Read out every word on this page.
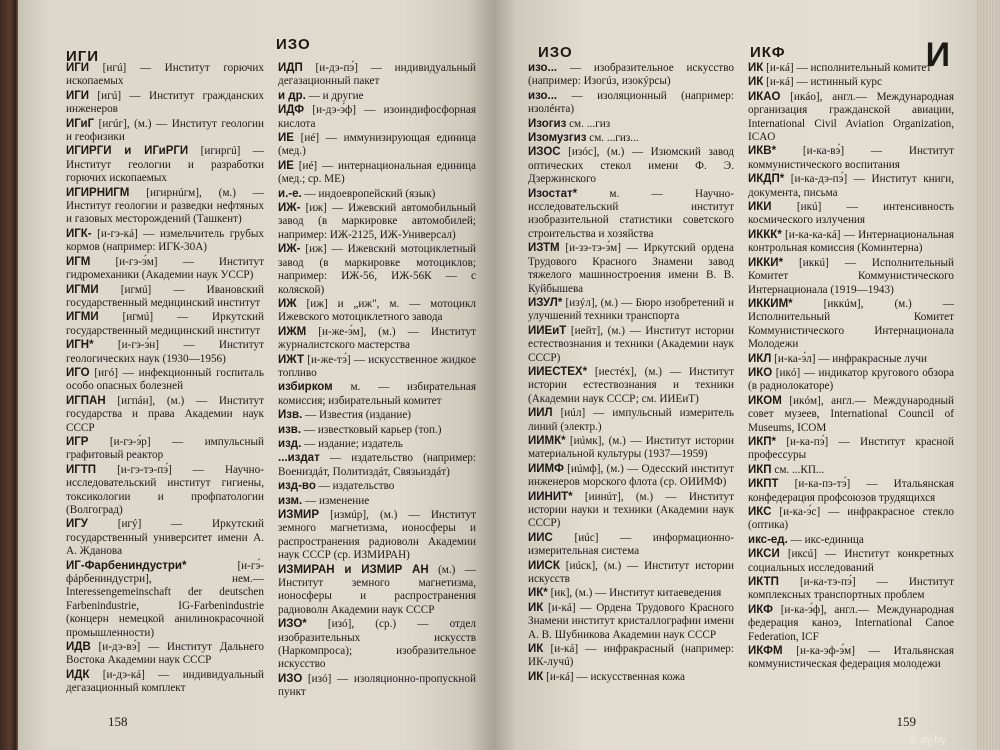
ИГИ
ИЗО
ИГИ [игú] — Институт горючих ископаемых
ИГИ [игú] — Институт гражданских инженеров
ИГиГ [игúг], (м.) — Институт геологии и геофизики
ИГИРГИ и ИГиРГИ [игиргú] — Институт геологии и разработки горючих ископаемых
ИГИРНИГМ [игирнúгм], (м.) — Институт геологии и разведки нефтяных и газовых месторождений (Ташкент)
ИГК- [и-гэ-кá] — измельчитель грубых кормов (например: ИГК-30А)
ИГМ [и-гэ-э́м] — Институт гидромеханики (Академии наук УССР)
ИГМИ [игмú] — Ивановский государственный медицинский институт
ИГМИ [игмú] — Иркутский государственный медицинский институт
ИГН* [и-гэ-э́н] — Институт геологических наук (1930—1956)
ИГО [игó] — инфекционный госпиталь особо опасных болезней
ИГПАН [игпáн], (м.) — Институт государства и права Академии наук СССР
ИГР [и-гэ-э́р] — импульсный графитовый реактор
ИГТП [и-гэ-тэ-пэ́] — Научно-исследовательский институт гигиены, токсикологии и профпатологии (Волгоград)
ИГУ [игý] — Иркутский государственный университет имени А. А. Жданова
ИГ-Фарбениндустри* [и-гэ́-фáрбениндустри], нем.— Interessengemeinschaft der deutschen Farbenindustrie, IG-Farbenindustrie (концерн немецкой анилинокрасочной промышленности)
ИДВ [и-дэ-вэ́] — Институт Дальнего Востока Академии наук СССР
ИДК [и-дэ-кá] — индивидуальный дегазационный комплект
ИДП [и-дэ-пэ́] — индивидуальный дегазационный пакет
и др. — и другие
ИДФ [и-дэ-э́ф] — изоиндифосфорная кислота
ИЕ [иé] — иммунизирующая единица (мед.)
ИЕ [иé] — интернациональная единица (мед.; ср. МЕ)
и.-е. — индоевропейский (язык)
ИЖ- [иж] — Ижевский автомобильный завод (в маркировке автомобилей; например: ИЖ-2125, ИЖ-Универсал)
ИЖ- [иж] — Ижевский мотоциклетный завод (в маркировке мотоциклов; например: ИЖ-56, ИЖ-56К — с коляской)
ИЖ [иж] и „иж", м. — мотоцикл Ижевского мотоциклетного завода
ИЖМ [и-же-э́м], (м.) — Институт журналистского мастерства
ИЖТ [и-же-тэ́] — искусственное жидкое топливо
избирком м. — избирательная комиссия; избирательный комитет
Изв. — Известия (издание)
изв. — известковый карьер (топ.)
изд. — издание; издатель
...издат — издательство (например: Воениздáт, Политиздáт, Связьиздáт)
изд-во — издательство
изм. — изменение
ИЗМИР [измúр], (м.) — Институт земного магнетизма, ионосферы и распространения радиоволн Академии наук СССР (ср. ИЗМИРАН)
ИЗМИРАН и ИЗМИР АН (м.) — Институт земного магнетизма, ионосферы и распространения радиоволн Академии наук СССР
ИЗО* [изó], (ср.) — отдел изобразительных искусств (Наркомпроса); изобразительное искусство
ИЗО [изó] — изоляционно-пропускной пункт
158
ИЗО	ИКФ	И
изо... — изобразительное искусство (например: Изогúз, изокýрсы)
изо... — изоляционный (например: изолéнта)
Изогиз см. ...гиз
Изомузгиз см. ...гиз...
ИЗОС [изóс], (м.) — Изюмский завод оптических стекол имени Ф. Э. Дзержинского
Изостат* м. — Научно-исследовательский институт изобразительной статистики советского строительства и хозяйства
ИЗТМ [и-зэ-тэ-э́м] — Иркутский ордена Трудового Красного Знамени завод тяжелого машиностроения имени В. В. Куйбышева
ИЗУЛ* [изýл], (м.) — Бюро изобретений и улучшений техники транспорта
ИИЕиТ [иейт], (м.) — Институт истории естествознания и техники (Академии наук СССР)
ИИЕСТЕХ* [иестéх], (м.) — Институт истории естествознания и техники (Академии наук СССР; см. ИИЕиТ)
ИИЛ [иúл] — импульсный измеритель линий (электр.)
ИИМК* [иúмк], (м.) — Институт истории материальной культуры (1937—1959)
ИИМФ [иúмф], (м.) — Одесский институт инженеров морского флота (ср. ОИИМФ)
ИИНИТ* [иинúт], (м.) — Институт истории науки и техники (Академии наук СССР)
ИИС [иúс] — информационно-измерительная система
ИИСК [иúск], (м.) — Институт истории искусств
ИК* [ик], (м.) — Институт китаеведения
ИК [и-кá] — Ордена Трудового Красного Знамени институт кристаллографии имени А. В. Шубникова Академии наук СССР
ИК [и-кá] — инфракрасный (например: ИК-лучú)
ИК [и-кá] — искусственная кожа
ИК [и-кá] — исполнительный комитет
ИК [и-кá] — истинный курс
ИКАО [икáо], англ.— Международная организация гражданской авиации, International Civil Aviation Organization, ICAO
ИКВ* [и-ка-вэ́] — Институт коммунистического воспитания
ИКДП* [и-ка-дэ-пэ́] — Институт книги, документа, письма
ИКИ [икú] — интенсивность космического излучения
ИККК* [и-ка-ка-кá] — Интернациональная контрольная комиссия (Коминтерна)
ИККИ* [иккú] — Исполнительный Комитет Коммунистического Интернационала (1919—1943)
ИККИМ* [иккúм], (м.) — Исполнительный Комитет Коммунистического Интернационала Молодежи
ИКЛ [и-ка-э́л] — инфракрасные лучи
ИКО [икó] — индикатор кругового обзора (в радиолокаторе)
ИКОМ [икóм], англ.— Международный совет музеев, International Council of Museums, ICOM
ИКП* [и-ка-пэ́] — Институт красной профессуры
ИКП см. ...КП...
ИКПТ [и-ка-пэ-тэ́] — Итальянская конфедерация профсоюзов трудящихся
ИКС [и-ка-э́с] — инфракрасное стекло (оптика)
икс-ед. — икс-единица
ИКСИ [иксú] — Институт конкретных социальных исследований
ИКТП [и-ка-тэ-пэ́] — Институт комплексных транспортных проблем
ИКФ [и-ка-э́ф], англ.— Международная федерация каноэ, International Canoe Federation, ICF
ИКФМ [и-ка-эф-э́м] — Итальянская коммунистическая федерация молодежи
159
© ay.by
